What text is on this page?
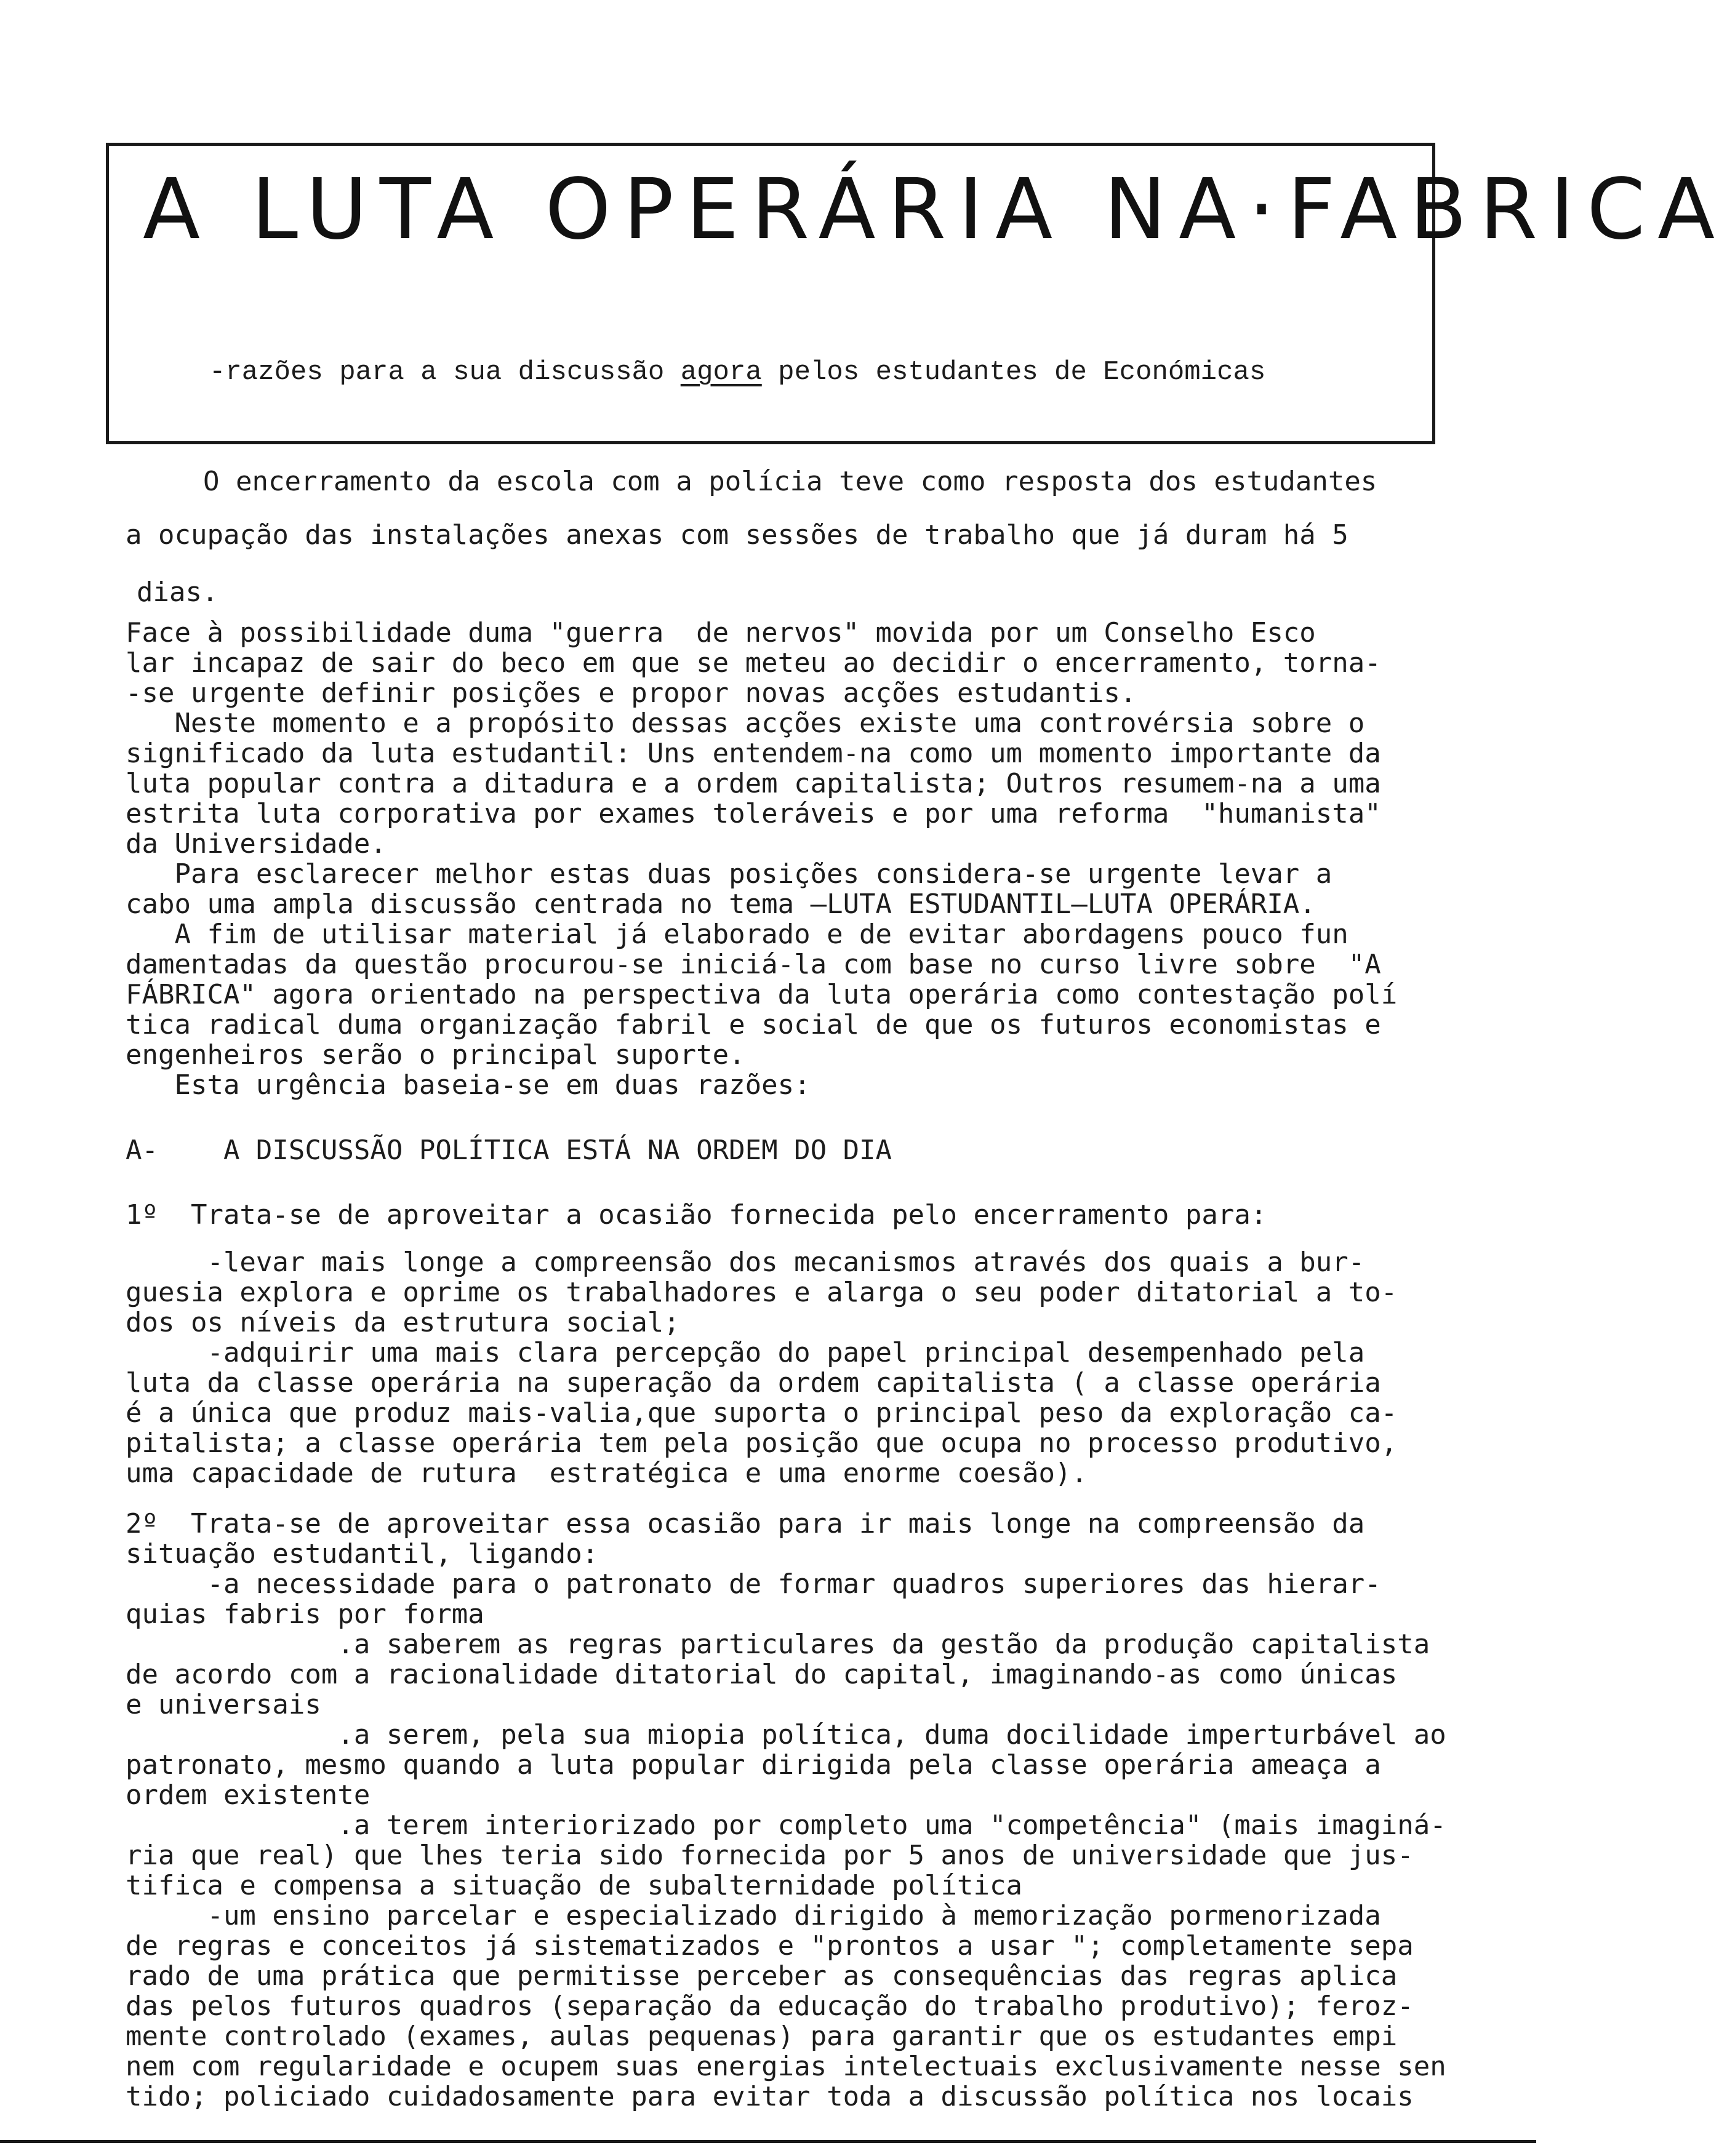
A LUTA OPERÁRIA NA·FABRICA
-razões para a sua discussão agora pelos estudantes de Económicas
O encerramento da escola com a polícia teve como resposta dos estudantes
a ocupação das instalações anexas com sessões de trabalho que já duram há 5
dias.
Face à possibilidade duma "guerra  de nervos" movida por um Conselho Esco
lar incapaz de sair do beco em que se meteu ao decidir o encerramento, torna-
-se urgente definir posições e propor novas acções estudantis.
Neste momento e a propósito dessas acções existe uma controvérsia sobre o
significado da luta estudantil: Uns entendem-na como um momento importante da
luta popular contra a ditadura e a ordem capitalista; Outros resumem-na a uma
estrita luta corporativa por exames toleráveis e por uma reforma  "humanista"
da Universidade.
Para esclarecer melhor estas duas posições considera-se urgente levar a
cabo uma ampla discussão centrada no tema —LUTA ESTUDANTIL—LUTA OPERÁRIA.
A fim de utilisar material já elaborado e de evitar abordagens pouco fun
damentadas da questão procurou-se iniciá-la com base no curso livre sobre  "A
FÁBRICA" agora orientado na perspectiva da luta operária como contestação polí
tica radical duma organização fabril e social de que os futuros economistas e
engenheiros serão o principal suporte.
Esta urgência baseia-se em duas razões:
A-    A DISCUSSÃO POLÍTICA ESTÁ NA ORDEM DO DIA
1º  Trata-se de aproveitar a ocasião fornecida pelo encerramento para:
-levar mais longe a compreensão dos mecanismos através dos quais a bur-
guesia explora e oprime os trabalhadores e alarga o seu poder ditatorial a to-
dos os níveis da estrutura social;
-adquirir uma mais clara percepção do papel principal desempenhado pela
luta da classe operária na superação da ordem capitalista ( a classe operária
é a única que produz mais-valia,que suporta o principal peso da exploração ca-
pitalista; a classe operária tem pela posição que ocupa no processo produtivo,
uma capacidade de rutura  estratégica e uma enorme coesão).
2º  Trata-se de aproveitar essa ocasião para ir mais longe na compreensão da
situação estudantil, ligando:
-a necessidade para o patronato de formar quadros superiores das hierar-
quias fabris por forma
.a saberem as regras particulares da gestão da produção capitalista
de acordo com a racionalidade ditatorial do capital, imaginando-as como únicas
e universais
.a serem, pela sua miopia política, duma docilidade imperturbável ao
patronato, mesmo quando a luta popular dirigida pela classe operária ameaça a
ordem existente
.a terem interiorizado por completo uma "competência" (mais imaginá-
ria que real) que lhes teria sido fornecida por 5 anos de universidade que jus-
tifica e compensa a situação de subalternidade política
-um ensino parcelar e especializado dirigido à memorização pormenorizada
de regras e conceitos já sistematizados e "prontos a usar "; completamente sepa
rado de uma prática que permitisse perceber as consequências das regras aplica
das pelos futuros quadros (separação da educação do trabalho produtivo); feroz-
mente controlado (exames, aulas pequenas) para garantir que os estudantes empi
nem com regularidade e ocupem suas energias intelectuais exclusivamente nesse sen
tido; policiado cuidadosamente para evitar toda a discussão política nos locais
